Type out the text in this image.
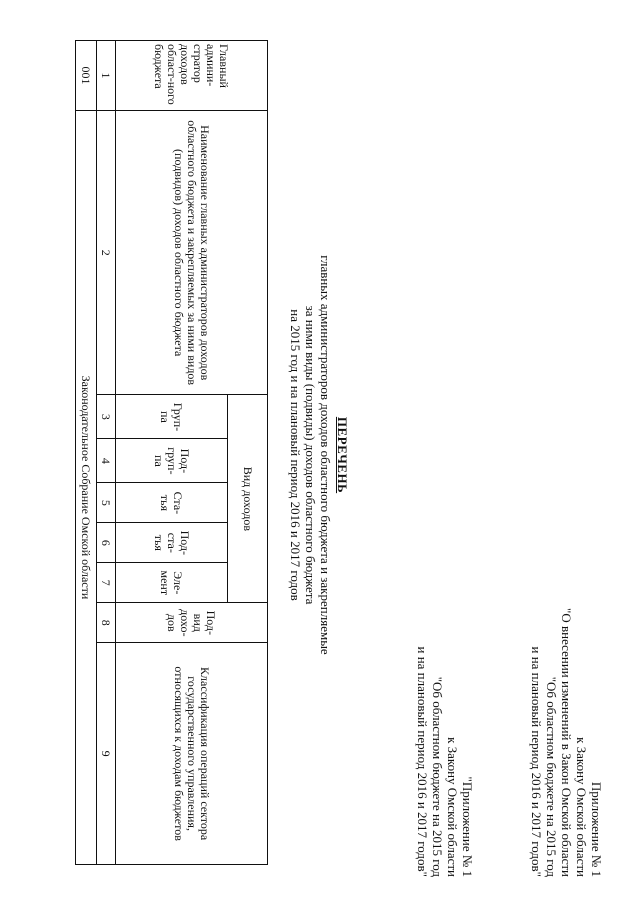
Приложение № 1
к Закону Омской области
"О внесении изменений в Закон Омской области
"Об областном бюджете на 2015 год
и на плановый период 2016 и 2017 годов"
"Приложение № 1
к Закону Омской области
"Об областном бюджете на 2015 год
и на плановый период 2016 и 2017 годов"
ПЕРЕЧЕНЬ
главных администраторов доходов областного бюджета и закрепляемые
за ними виды (подвиды) доходов областного бюджета
на 2015 год и на плановый период 2016 и 2017 годов
Главный админи-стратор доходов област-ного бюджета	Наименование главных администраторов доходов областного бюджета и закрепляемых за ними видов (подвидов) доходов областного бюджета	Вид доходов					Под-вид дохо-дов	Классификация операций сектора государственного управления, относящихся к доходам бюджетов
		Груп-па	Под-груп-па	Ста-тья	Под-ста-тья	Эле-мент		
1	2	3	4	5	6	7	8	9
001	Законодательное Собрание Омской области							
